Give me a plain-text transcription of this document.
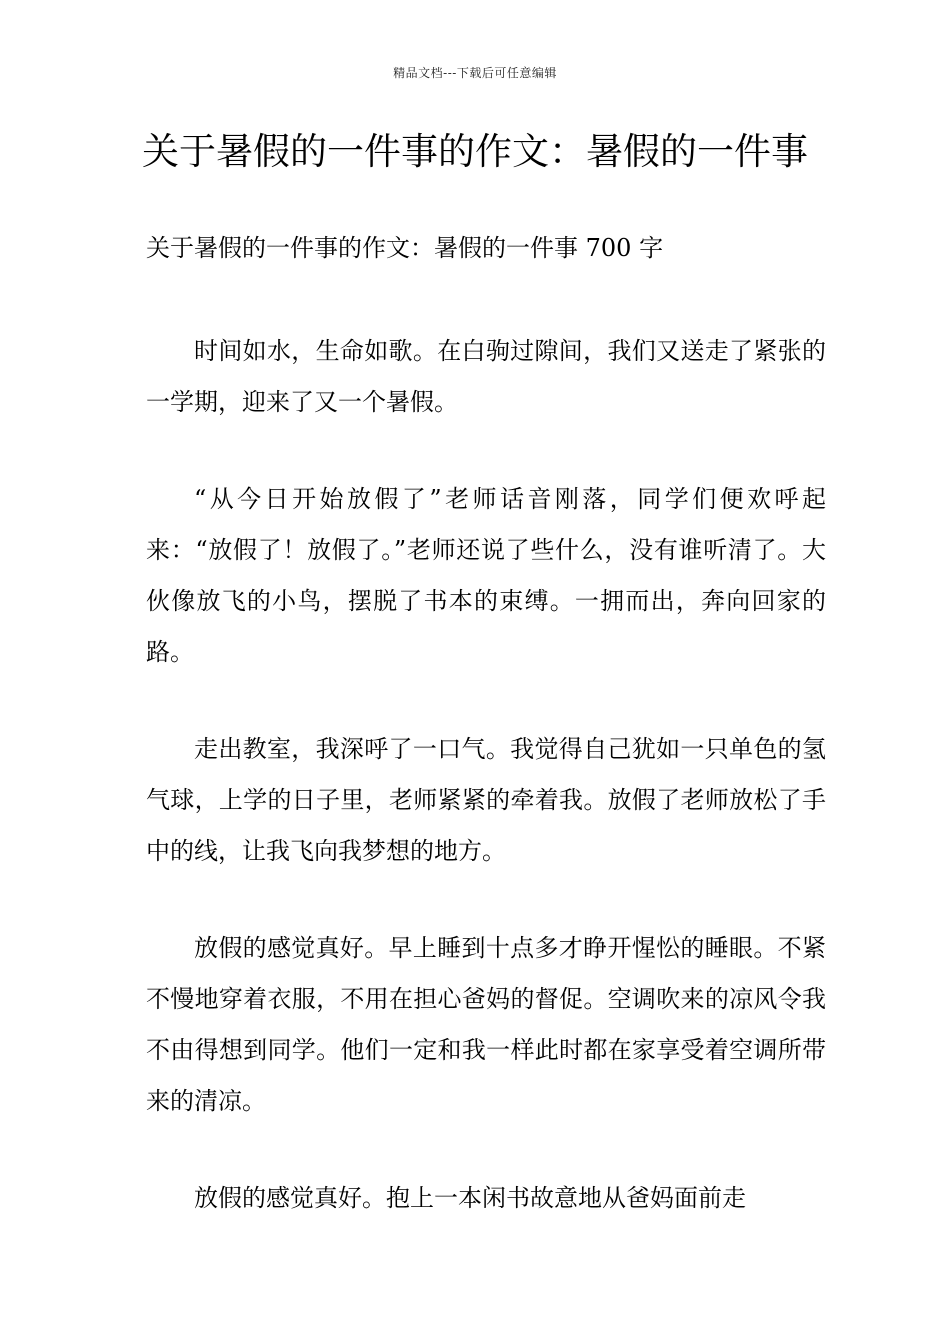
精品文档---下载后可任意编辑
关于暑假的一件事的作文：暑假的一件事
关于暑假的一件事的作文：暑假的一件事 700 字

时间如水，生命如歌。在白驹过隙间，我们又送走了紧张的一学期，迎来了又一个暑假。

“从今日开始放假了”老师话音刚落，同学们便欢呼起来：“放假了！放假了。”老师还说了些什么，没有谁听清了。大伙像放飞的小鸟，摆脱了书本的束缚。一拥而出，奔向回家的路。

走出教室，我深呼了一口气。我觉得自己犹如一只单色的氢气球，上学的日子里，老师紧紧的牵着我。放假了老师放松了手中的线，让我飞向我梦想的地方。

放假的感觉真好。早上睡到十点多才睁开惺忪的睡眼。不紧不慢地穿着衣服，不用在担心爸妈的督促。空调吹来的凉风令我不由得想到同学。他们一定和我一样此时都在家享受着空调所带来的清凉。

放假的感觉真好。抱上一本闲书故意地从爸妈面前走
